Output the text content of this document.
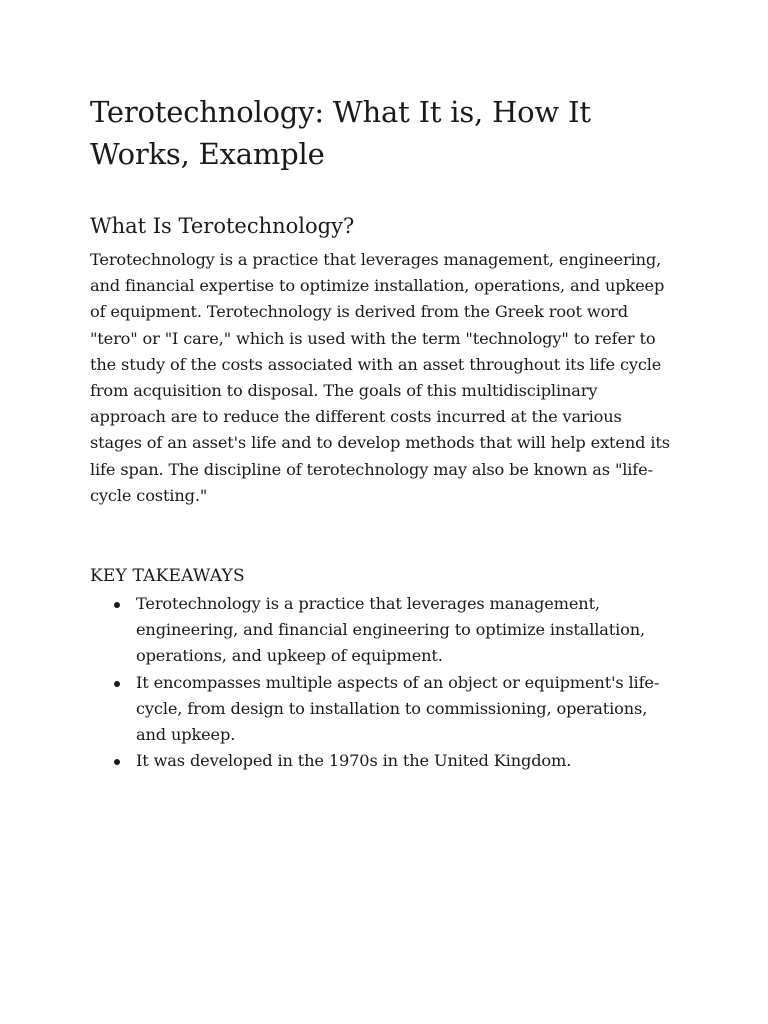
Terotechnology: What It is, How It Works, Example
What Is Terotechnology?

Terotechnology is a practice that leverages management, engineering, and financial expertise to optimize installation, operations, and upkeep of equipment. Terotechnology is derived from the Greek root word "tero" or "I care," which is used with the term "technology" to refer to the study of the costs associated with an asset throughout its life cycle from acquisition to disposal. The goals of this multidisciplinary approach are to reduce the different costs incurred at the various stages of an asset's life and to develop methods that will help extend its life span. The discipline of terotechnology may also be known as "life-cycle costing."

KEY TAKEAWAYS
Terotechnology is a practice that leverages management, engineering, and financial engineering to optimize installation, operations, and upkeep of equipment.
It encompasses multiple aspects of an object or equipment's life-cycle, from design to installation to commissioning, operations, and upkeep.
It was developed in the 1970s in the United Kingdom.
